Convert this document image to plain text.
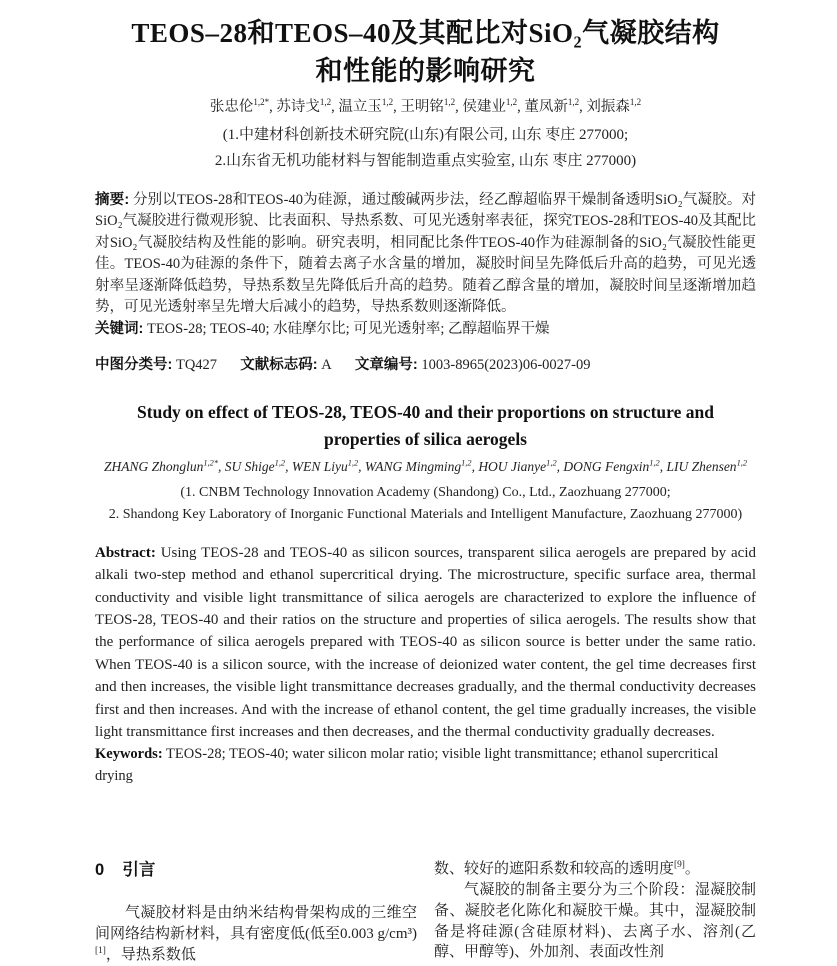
TEOS–28和TEOS–40及其配比对SiO₂气凝胶结构和性能的影响研究
张忠伦$^{1,2*}$, 苏诗戈$^{1,2}$, 温立玉$^{1,2}$, 王明铭$^{1,2}$, 侯建业$^{1,2}$, 董凤新$^{1,2}$, 刘振森$^{1,2}$
(1.中建材科创新技术研究院(山东)有限公司, 山东 枣庄 277000;
2.山东省无机功能材料与智能制造重点实验室, 山东 枣庄 277000)

摘要: 分别以TEOS-28和TEOS-40为硅源，通过酸碱两步法，经乙醇超临界干燥制备透明SiO₂气凝胶。对SiO₂气凝胶进行微观形貌、比表面积、导热系数、可见光透射率表征，探究TEOS-28和TEOS-40及其配比对SiO₂气凝胶结构及性能的影响。研究表明，相同配比条件TEOS-40作为硅源制备的SiO₂气凝胶性能更佳。TEOS-40为硅源的条件下，随着去离子水含量的增加，凝胶时间呈先降低后升高的趋势，可见光透射率呈逐渐降低趋势，导热系数呈先降低后升高的趋势。随着乙醇含量的增加，凝胶时间呈逐渐增加趋势，可见光透射率呈先增大后减小的趋势，导热系数则逐渐降低。

关键词: TEOS-28; TEOS-40; 水硅摩尔比; 可见光透射率; 乙醇超临界干燥

中图分类号: TQ427 文献标志码: A 文章编号: 1003-8965(2023)06-0027-09

Study on effect of TEOS-28, TEOS-40 and their proportions on structure and properties of silica aerogels
ZHANG Zhonglun$^{1,2*}$, SU Shige$^{1,2}$, WEN Liyu$^{1,2}$, WANG Mingming$^{1,2}$, HOU Jianye$^{1,2}$, DONG Fengxin$^{1,2}$, LIU Zhensen$^{1,2}$
(1. CNBM Technology Innovation Academy (Shandong) Co., Ltd., Zaozhuang 277000;
2. Shandong Key Laboratory of Inorganic Functional Materials and Intelligent Manufacture, Zaozhuang 277000)

Abstract: Using TEOS-28 and TEOS-40 as silicon sources, transparent silica aerogels are prepared by acid alkali two-step method and ethanol supercritical drying. The microstructure, specific surface area, thermal conductivity and visible light transmittance of silica aerogels are characterized to explore the influence of TEOS-28, TEOS-40 and their ratios on the structure and properties of silica aerogels. The results show that the performance of silica aerogels prepared with TEOS-40 as silicon source is better under the same ratio. When TEOS-40 is a silicon source, with the increase of deionized water content, the gel time decreases first and then increases, the visible light transmittance decreases gradually, and the thermal conductivity decreases first and then increases. And with the increase of ethanol content, the gel time gradually increases, the visible light transmittance first increases and then decreases, and the thermal conductivity gradually decreases.

Keywords: TEOS-28; TEOS-40; water silicon molar ratio; visible light transmittance; ethanol supercritical drying

0 引言

气凝胶材料是由纳米结构骨架构成的三维空间网络结构新材料，具有密度低(低至0.003 g/cm³)[1]，导热系数低

数、较好的遮阳系数和较高的透明度[9]。

气凝胶的制备主要分为三个阶段：湿凝胶制备、凝胶老化陈化和凝胶干燥。其中，湿凝胶制备是将硅源(含硅原材料)、去离子水、溶剂(乙醇、甲醇等)、外加剂、表面改性剂
